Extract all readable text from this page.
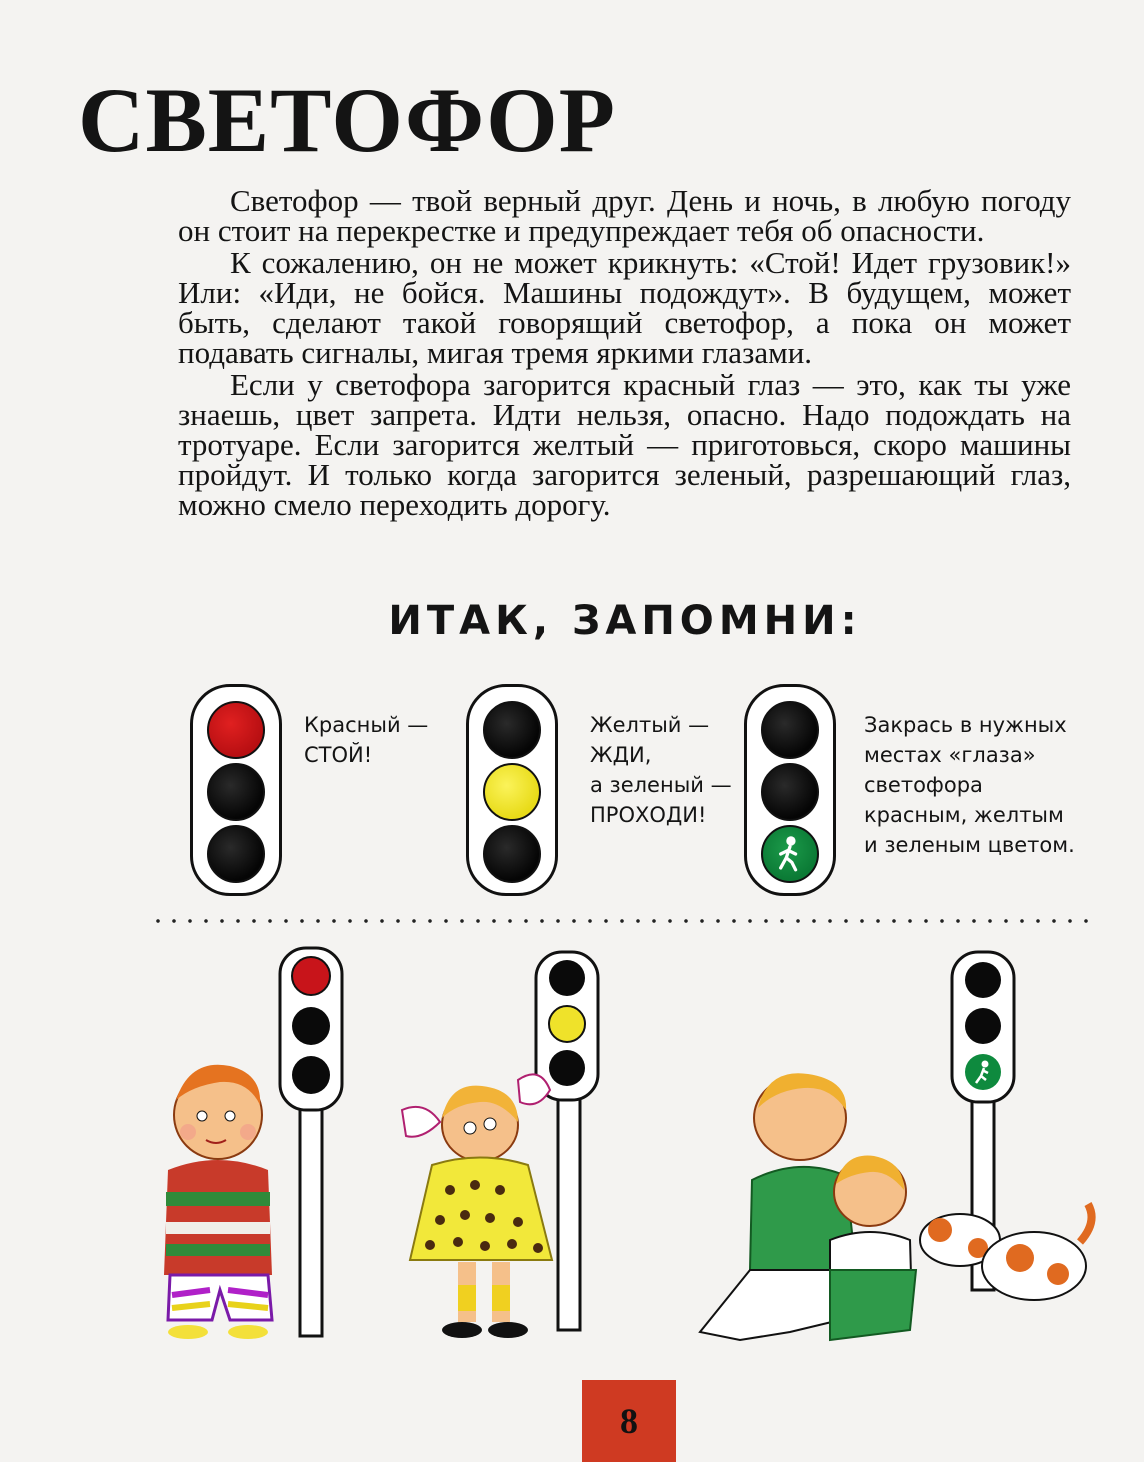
СВЕТОФОР

Светофор — твой верный друг. День и ночь, в любую погоду он стоит на перекрестке и предупреждает тебя об опасности.

К сожалению, он не может крикнуть: «Стой! Идет грузовик!» Или: «Иди, не бойся. Машины подождут». В будущем, может быть, сделают такой говорящий светофор, а пока он может подавать сигналы, мигая тремя яркими глазами.

Если у светофора загорится красный глаз — это, как ты уже знаешь, цвет запрета. Идти нельзя, опасно. Надо подождать на тротуаре. Если загорится желтый — приготовься, скоро машины пройдут. И только когда загорится зеленый, разрешающий глаз, можно смело переходить дорогу.

ИТАК, ЗАПОМНИ:
Красный —
СТОЙ!
Желтый —
ЖДИ,
а зеленый —
ПРОХОДИ!
Закрась в нужных
местах «глаза»
светофора
красным, желтым
и зеленым цветом.

8
